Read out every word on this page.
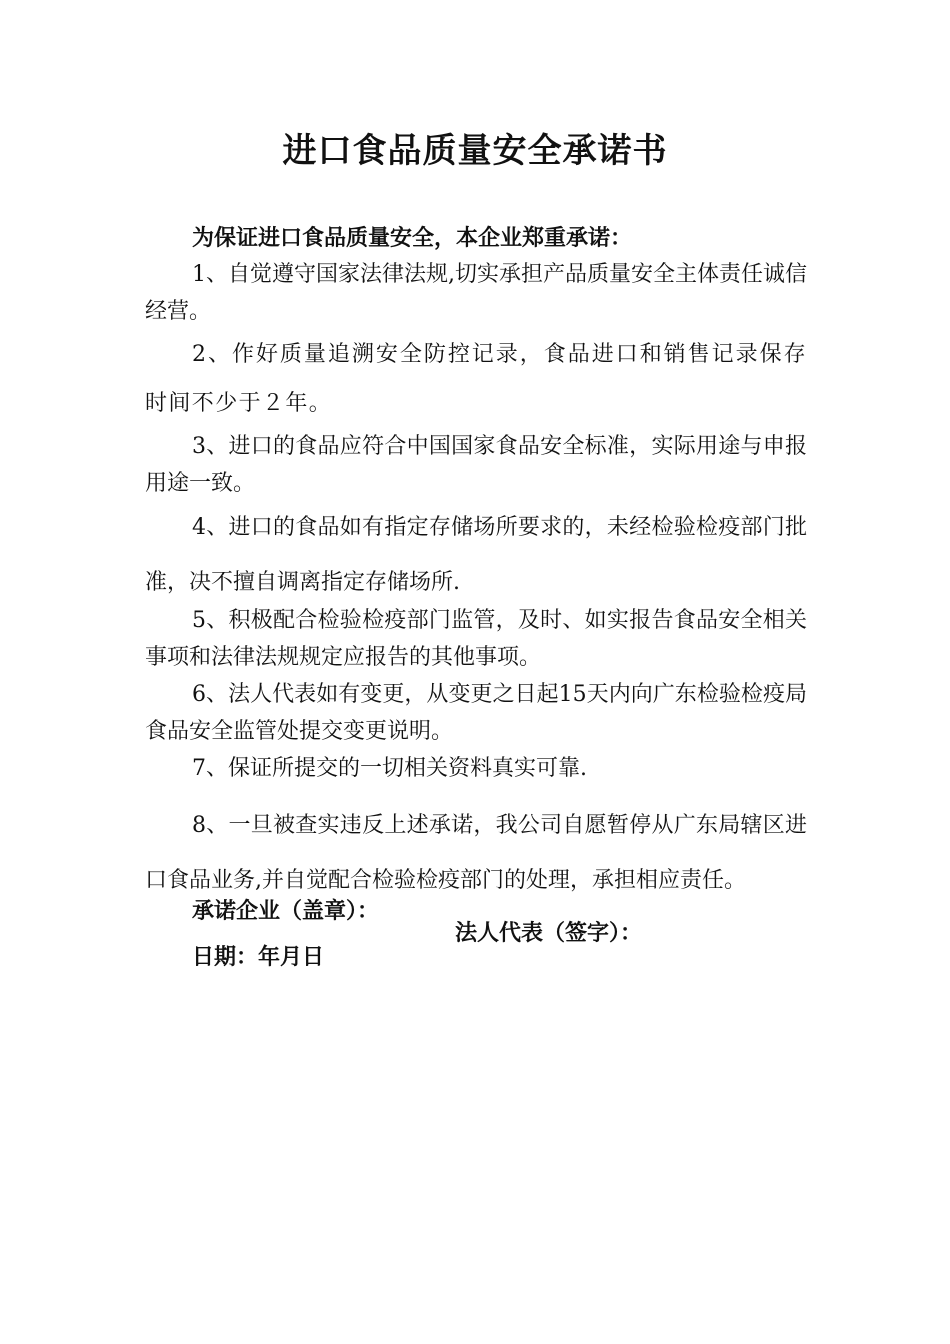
进口食品质量安全承诺书
为保证进口食品质量安全，本企业郑重承诺：
1、自觉遵守国家法律法规,切实承担产品质量安全主体责任诚信经营。
2、作好质量追溯安全防控记录，食品进口和销售记录保存时间不少于２年。
3、进口的食品应符合中国国家食品安全标准，实际用途与申报用途一致。
4、进口的食品如有指定存储场所要求的，未经检验检疫部门批准，决不擅自调离指定存储场所.
5、积极配合检验检疫部门监管，及时、如实报告食品安全相关事项和法律法规规定应报告的其他事项。
6、法人代表如有变更，从变更之日起15天内向广东检验检疫局食品安全监管处提交变更说明。
7、保证所提交的一切相关资料真实可靠.
8、一旦被查实违反上述承诺，我公司自愿暂停从广东局辖区进口食品业务,并自觉配合检验检疫部门的处理，承担相应责任。
承诺企业（盖章）：
法人代表（签字）：
日期：年月日
